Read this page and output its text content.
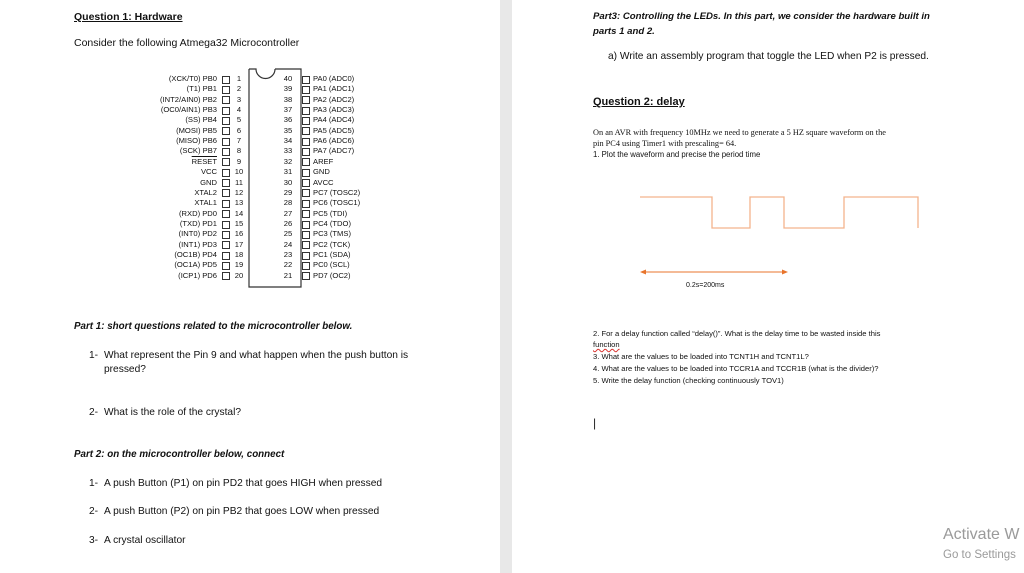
Question 1: Hardware
Consider the following Atmega32 Microcontroller
(XCK/T0) PB0	1
(T1) PB1	2
(INT2/AIN0) PB2	3
(OC0/AIN1) PB3	4
(SS) PB4	5
(MOSI) PB5	6
(MISO) PB6	7
(SCK) PB7	8
RESET	9
VCC 10
GND 11
XTAL2 12
XTAL1 13
(RXD) PD0 14
(TXD) PD1 15
(INT0) PD2 16
(INT1) PD3 17
(OC1B) PD4 18
(OC1A) PD5 19
(ICP1) PD6 20
40	PA0 (ADC0)
39	PA1 (ADC1)
38	PA2 (ADC2)
37	PA3 (ADC3)
36	PA4 (ADC4)
35	PA5 (ADC5)
34	PA6 (ADC6)
33	PA7 (ADC7)
32	AREF
31	GND
30	AVCC
29	PC7 (TOSC2)
28	PC6 (TOSC1)
27	PC5 (TDI)
26	PC4 (TDO)
25	PC3 (TMS)
24	PC2 (TCK)
23	PC1 (SDA)
22	PC0 (SCL)
21	PD7 (OC2)
Part 1: short questions related to the microcontroller below.
1- What represent the Pin 9 and what happen when the push button is
pressed?
2- What is the role of the crystal?
Part 2: on the microcontroller below, connect
1- A push Button (P1) on pin PD2 that goes HIGH when pressed
2- A push Button (P2) on pin PB2 that goes LOW when pressed
3- A crystal oscillator
Part3: Controlling the LEDs. In this part, we consider the hardware built in
parts 1 and 2.
a) Write an assembly program that toggle the LED when P2 is pressed.
Question 2: delay
On an AVR with frequency 10MHz we need to generate a 5 HZ square waveform on the
pin PC4 using Timer1 with prescaling= 64.
1. Plot the waveform and precise the period time
0.2s=200ms
2. For a delay function called “delay()”. What is the delay time to be wasted inside this
function
3. What are the values to be loaded into TCNT1H and TCNT1L?
4. What are the values to be loaded into TCCR1A and TCCR1B (what is the divider)?
5. Write the delay function (checking continuously TOV1)
|
Activate W
Go to Settings
